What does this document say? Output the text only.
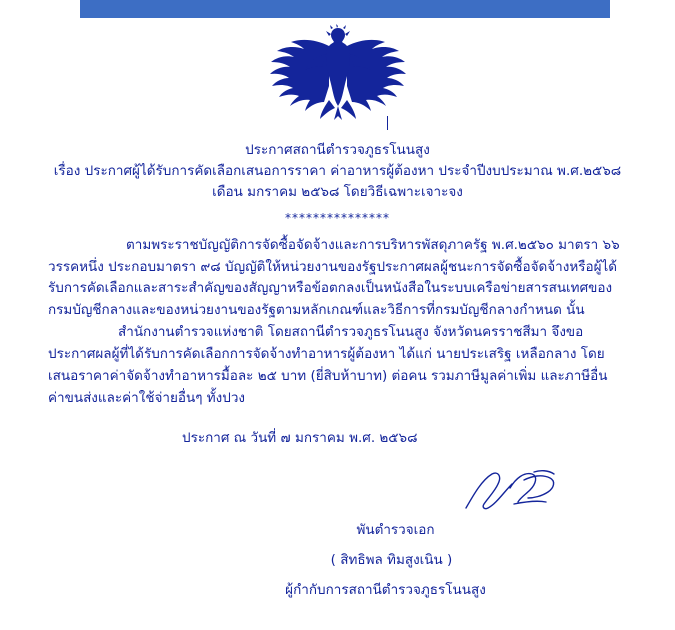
ประกาศสถานีตำรวจภูธรโนนสูง
เรื่อง ประกาศผู้ได้รับการคัดเลือกเสนอการราคา ค่าอาหารผู้ต้องหา ประจำปีงบประมาณ พ.ศ.๒๕๖๘
เดือน มกราคม ๒๕๖๘ โดยวิธีเฉพาะเจาะจง
***************

ตามพระราชบัญญัติการจัดซื้อจัดจ้างและการบริหารพัสดุภาครัฐ พ.ศ.๒๕๖๐ มาตรา ๖๖ วรรคหนึ่ง ประกอบมาตรา ๙๘ บัญญัติให้หน่วยงานของรัฐประกาศผลผู้ชนะการจัดซื้อจัดจ้างหรือผู้ได้รับการคัดเลือกและสาระสำคัญของสัญญาหรือข้อตกลงเป็นหนังสือในระบบเครือข่ายสารสนเทศของกรมบัญชีกลางและของหน่วยงานของรัฐตามหลักเกณฑ์และวิธีการที่กรมบัญชีกลางกำหนด นั้น

สำนักงานตำรวจแห่งชาติ โดยสถานีตำรวจภูธรโนนสูง จังหวัดนครราชสีมา จึงขอประกาศผลผู้ที่ได้รับการคัดเลือกการจัดจ้างทำอาหารผู้ต้องหา ได้แก่ นายประเสริฐ เหลือกลาง โดยเสนอราคาค่าจัดจ้างทำอาหารมื้อละ ๒๕ บาท (ยี่สิบห้าบาท) ต่อคน รวมภาษีมูลค่าเพิ่ม และภาษีอื่น ค่าขนส่งและค่าใช้จ่ายอื่นๆ ทั้งปวง

ประกาศ ณ วันที่ ๗ มกราคม พ.ศ. ๒๕๖๘
พันตำรวจเอก
( สิทธิพล ทิมสูงเนิน )
ผู้กำกับการสถานีตำรวจภูธรโนนสูง
